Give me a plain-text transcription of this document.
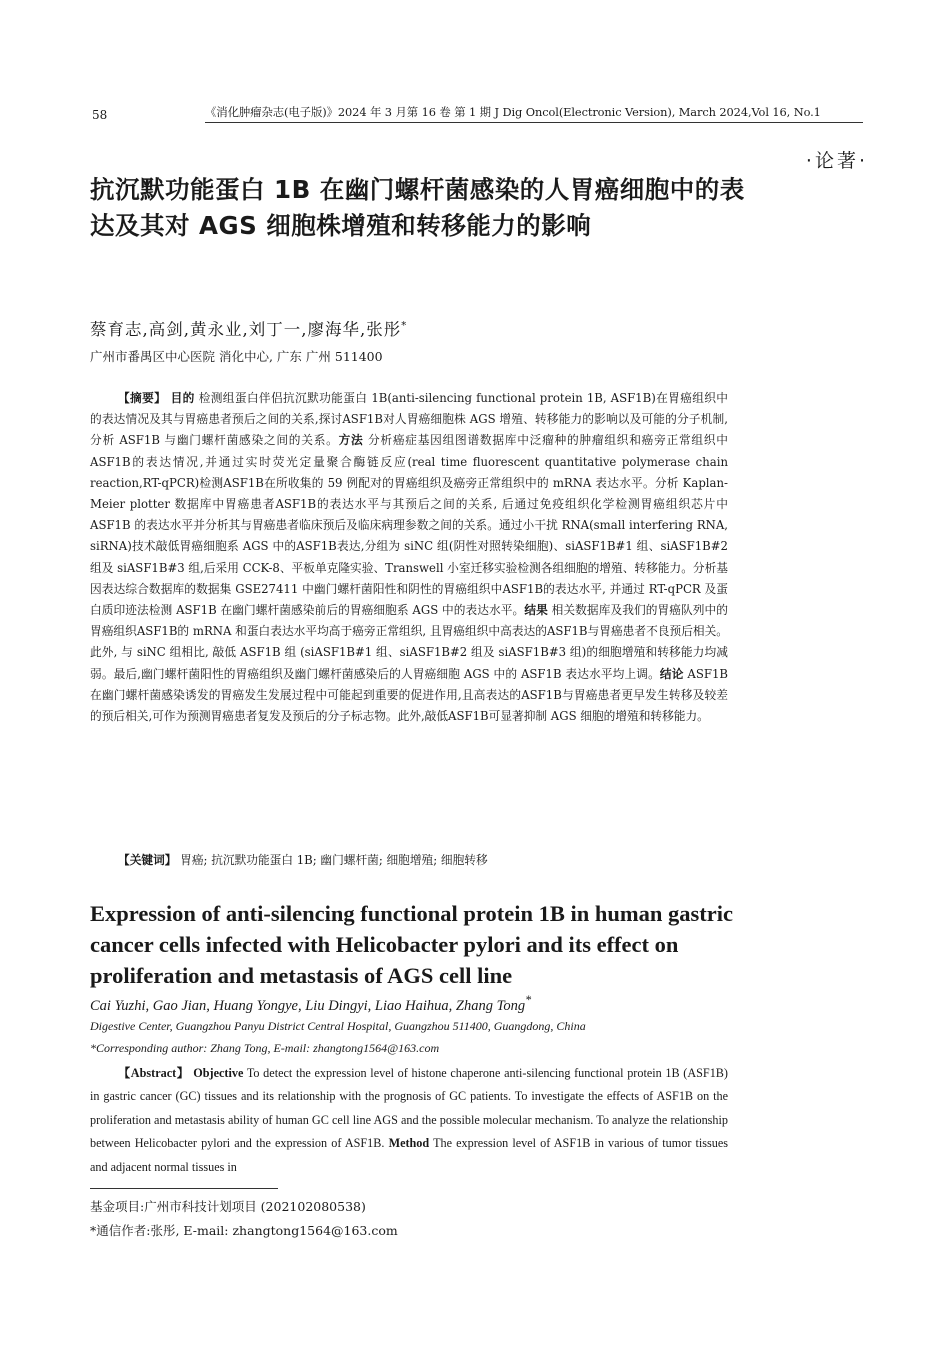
58	《消化肿瘤杂志(电子版)》2024 年 3 月第 16 卷 第 1 期 J Dig Oncol(Electronic Version), March 2024,Vol 16, No.1
·论著·
抗沉默功能蛋白 1B 在幽门螺杆菌感染的人胃癌细胞中的表达及其对 AGS 细胞株增殖和转移能力的影响
蔡育志,高剑,黄永业,刘丁一,廖海华,张彤*
广州市番禺区中心医院 消化中心, 广东 广州 511400
【摘要】 目的 检测组蛋白伴侣抗沉默功能蛋白 1B(anti-silencing functional protein 1B, ASF1B)在胃癌组织中的表达情况及其与胃癌患者预后之间的关系,探讨ASF1B对人胃癌细胞株 AGS 增殖、转移能力的影响以及可能的分子机制,分析 ASF1B 与幽门螺杆菌感染之间的关系。方法 分析癌症基因组图谱数据库中泛瘤种的肿瘤组织和癌旁正常组织中ASF1B的表达情况,并通过实时荧光定量聚合酶链反应(real time fluorescent quantitative polymerase chain reaction,RT-qPCR)检测ASF1B在所收集的 59 例配对的胃癌组织及癌旁正常组织中的 mRNA 表达水平。分析 Kaplan-Meier plotter 数据库中胃癌患者ASF1B的表达水平与其预后之间的关系, 后通过免疫组织化学检测胃癌组织芯片中 ASF1B 的表达水平并分析其与胃癌患者临床预后及临床病理参数之间的关系。通过小干扰 RNA(small interfering RNA, siRNA)技术敲低胃癌细胞系 AGS 中的ASF1B表达,分组为 siNC 组(阴性对照转染细胞)、siASF1B#1 组、siASF1B#2 组及 siASF1B#3 组,后采用 CCK-8、平板单克隆实验、Transwell 小室迁移实验检测各组细胞的增殖、转移能力。分析基因表达综合数据库的数据集 GSE27411 中幽门螺杆菌阳性和阴性的胃癌组织中ASF1B的表达水平, 并通过 RT-qPCR 及蛋白质印迹法检测 ASF1B 在幽门螺杆菌感染前后的胃癌细胞系 AGS 中的表达水平。结果 相关数据库及我们的胃癌队列中的胃癌组织ASF1B的 mRNA 和蛋白表达水平均高于癌旁正常组织, 且胃癌组织中高表达的ASF1B与胃癌患者不良预后相关。此外, 与 siNC 组相比, 敲低 ASF1B 组 (siASF1B#1 组、siASF1B#2 组及 siASF1B#3 组)的细胞增殖和转移能力均减弱。最后,幽门螺杆菌阳性的胃癌组织及幽门螺杆菌感染后的人胃癌细胞 AGS 中的 ASF1B 表达水平均上调。结论 ASF1B在幽门螺杆菌感染诱发的胃癌发生发展过程中可能起到重要的促进作用,且高表达的ASF1B与胃癌患者更早发生转移及较差的预后相关,可作为预测胃癌患者复发及预后的分子标志物。此外,敲低ASF1B可显著抑制 AGS 细胞的增殖和转移能力。
【关键词】 胃癌; 抗沉默功能蛋白 1B; 幽门螺杆菌; 细胞增殖; 细胞转移
Expression of anti-silencing functional protein 1B in human gastric cancer cells infected with Helicobacter pylori and its effect on proliferation and metastasis of AGS cell line
Cai Yuzhi, Gao Jian, Huang Yongye, Liu Dingyi, Liao Haihua, Zhang Tong*
Digestive Center, Guangzhou Panyu District Central Hospital, Guangzhou 511400, Guangdong, China
*Corresponding author: Zhang Tong, E-mail: zhangtong1564@163.com
【Abstract】 Objective To detect the expression level of histone chaperone anti-silencing functional protein 1B (ASF1B) in gastric cancer (GC) tissues and its relationship with the prognosis of GC patients. To investigate the effects of ASF1B on the proliferation and metastasis ability of human GC cell line AGS and the possible molecular mechanism. To analyze the relationship between Helicobacter pylori and the expression of ASF1B. Method The expression level of ASF1B in various of tumor tissues and adjacent normal tissues in
基金项目:广州市科技计划项目 (202102080538)
*通信作者:张彤, E-mail: zhangtong1564@163.com
